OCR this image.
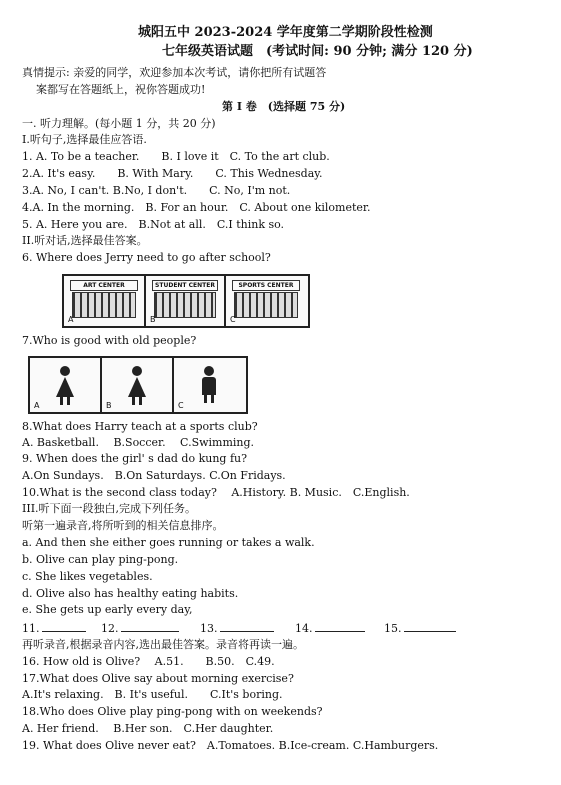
城阳五中 2023-2024 学年度第二学期阶段性检测
七年级英语试题　(考试时间: 90 分钟; 满分 120 分)
真情提示: 亲爱的同学，欢迎参加本次考试，请你把所有试题答
案都写在答题纸上，祝你答题成功!
第 I 卷　(选择题 75 分)
一. 听力理解。(每小题 1 分，共 20 分)
I.听句子,选择最佳应答语.
1. A. To be a teacher.　　B. I love it　C. To the art club.
2.A. It's easy.　　B. With Mary.　　C. This Wednesday.
3.A. No, I can't. B.No, I don't.　　C. No, I'm not.
4.A. In the morning.　B. For an hour.　C. About one kilometer.
5. A. Here you are.　B.Not at all.　C.I think so.
II.听对话,选择最佳答案。
6. Where does Jerry need to go after school?
ART CENTER
A
STUDENT CENTER
B
SPORTS CENTER
C
7.Who is good with old people?
A	B	C
8.What does Harry teach at a sports club?
A. Basketball.　 B.Soccer.　 C.Swimming.
9. When does the girl' s dad do kung fu?
A.On Sundays.　B.On Saturdays. C.On Fridays.
10.What is the second class today?　 A.History. B. Music.　C.English.
III.听下面一段独白,完成下列任务。
听第一遍录音,将所听到的相关信息排序。
a. And then she either goes running or takes a walk.
b. Olive can play ping-pong.
c. She likes vegetables.
d. Olive also has healthy eating habits.
e. She gets up early every day,
11.	12.	13.	14.	15.
再听录音,根据录音内容,选出最佳答案。录音将再读一遍。
16. How old is Olive?　 A.51.　　B.50.　C.49.
17.What does Olive say about morning exercise?
A.It's relaxing.　B. It's useful.　　C.It's boring.
18.Who does Olive play ping-pong with on weekends?
A. Her friend.　 B.Her son.　C.Her daughter.
19. What does Olive never eat?　A.Tomatoes. B.Ice-cream. C.Hamburgers.
